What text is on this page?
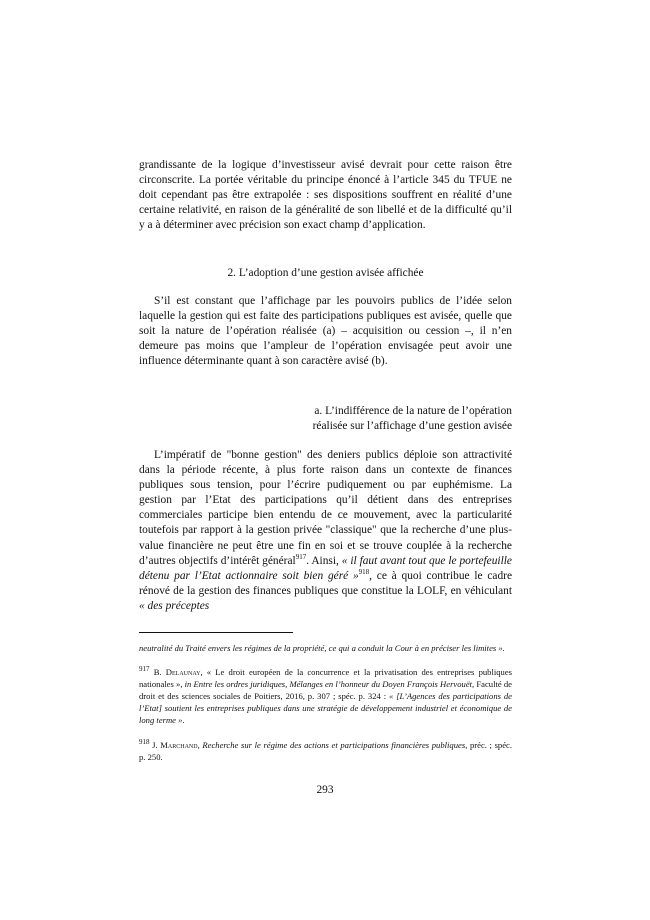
grandissante de la logique d’investisseur avisé devrait pour cette raison être circonscrite. La portée véritable du principe énoncé à l’article 345 du TFUE ne doit cependant pas être extrapolée : ses dispositions souffrent en réalité d’une certaine relativité, en raison de la généralité de son libellé et de la difficulté qu’il y a à déterminer avec précision son exact champ d’application.

2. L’adoption d’une gestion avisée affichée

S’il est constant que l’affichage par les pouvoirs publics de l’idée selon laquelle la gestion qui est faite des participations publiques est avisée, quelle que soit la nature de l’opération réalisée (a) – acquisition ou cession –, il n’en demeure pas moins que l’ampleur de l’opération envisagée peut avoir une influence déterminante quant à son caractère avisé (b).

a. L’indifférence de la nature de l’opération
réalisée sur l’affichage d’une gestion avisée

L’impératif de "bonne gestion" des deniers publics déploie son attractivité dans la période récente, à plus forte raison dans un contexte de finances publiques sous tension, pour l’écrire pudiquement ou par euphémisme. La gestion par l’Etat des participations qu’il détient dans des entreprises commerciales participe bien entendu de ce mouvement, avec la particularité toutefois par rapport à la gestion privée "classique" que la recherche d’une plus-value financière ne peut être une fin en soi et se trouve couplée à la recherche d’autres objectifs d’intérêt général$^{917}$. Ainsi, « il faut avant tout que le portefeuille détenu par l’Etat actionnaire soit bien géré »$^{918}$, ce à quoi contribue le cadre rénové de la gestion des finances publiques que constitue la LOLF, en véhiculant « des préceptes

neutralité du Traité envers les régimes de la propriété, ce qui a conduit la Cour à en préciser les limites ».

$^{917}$ B. Delaunay, « Le droit européen de la concurrence et la privatisation des entreprises publiques nationales », in Entre les ordres juridiques, Mélanges en l’honneur du Doyen François Hervouët, Faculté de droit et des sciences sociales de Poitiers, 2016, p. 307 ; spéc. p. 324 : « [L’Agences des participations de l’Etat] soutient les entreprises publiques dans une stratégie de développement industriel et économique de long terme ».

$^{918}$ J. Marchand, Recherche sur le régime des actions et participations financières publiques, préc. ; spéc. p. 250.

293
